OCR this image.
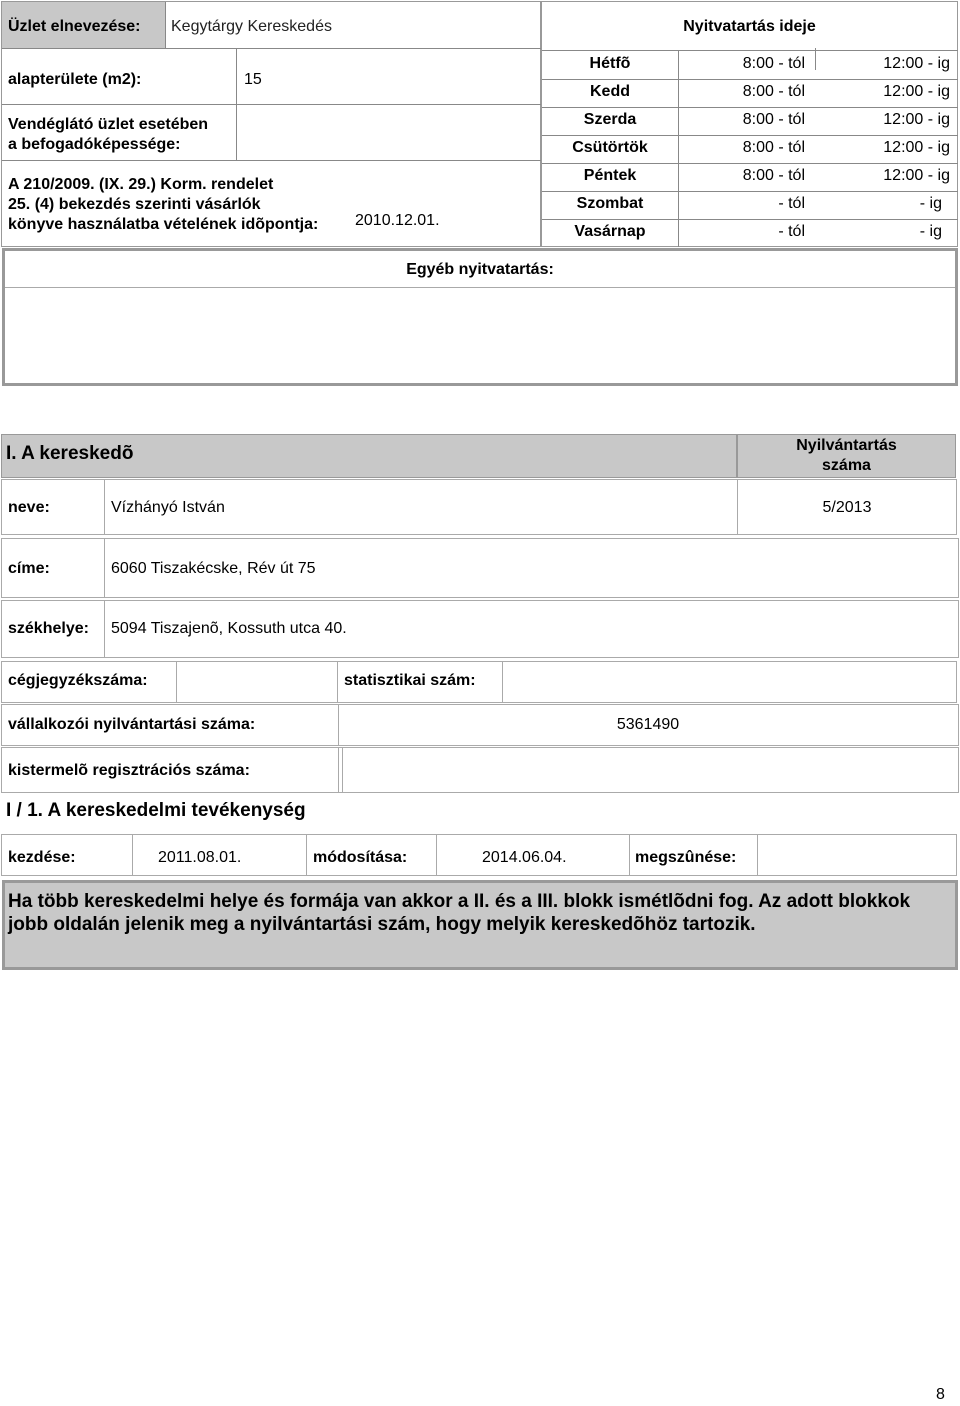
Üzlet elnevezése: Kegytárgy Kereskedés
alapterülete (m2):	15
Vendéglátó üzlet esetében
a befogadóképessége:
A 210/2009. (IX. 29.) Korm. rendelet
25. (4) bekezdés szerinti vásárlók
könyve használatba vételének idõpontja: 2010.12.01.
Nyitvatartás ideje
Hétfõ	8:00 - tól	12:00 - ig
Kedd	8:00 - tól	12:00 - ig
Szerda	8:00 - tól	12:00 - ig
Csütörtök	8:00 - tól	12:00 - ig
Péntek	8:00 - tól	12:00 - ig
Szombat	- tól	- ig
Vasárnap	- tól	- ig
Egyéb nyitvatartás:
I. A kereskedõ	Nyilvántartás száma
neve:	Vízhányó István	5/2013
címe:	6060 Tiszakécske, Rév út 75
székhelye: 5094 Tiszajenõ, Kossuth utca 40.
cégjegyzékszáma:	statisztikai szám:
vállalkozói nyilvántartási száma:	5361490
kistermelõ regisztrációs száma:
I / 1. A kereskedelmi tevékenység
kezdése:	2011.08.01.	módosítása:	2014.06.04.	megszûnése:
Ha több kereskedelmi helye és formája van akkor a II. és a III. blokk ismétlõdni fog. Az adott blokkok jobb oldalán jelenik meg a nyilvántartási szám, hogy melyik kereskedõhöz tartozik.
8
